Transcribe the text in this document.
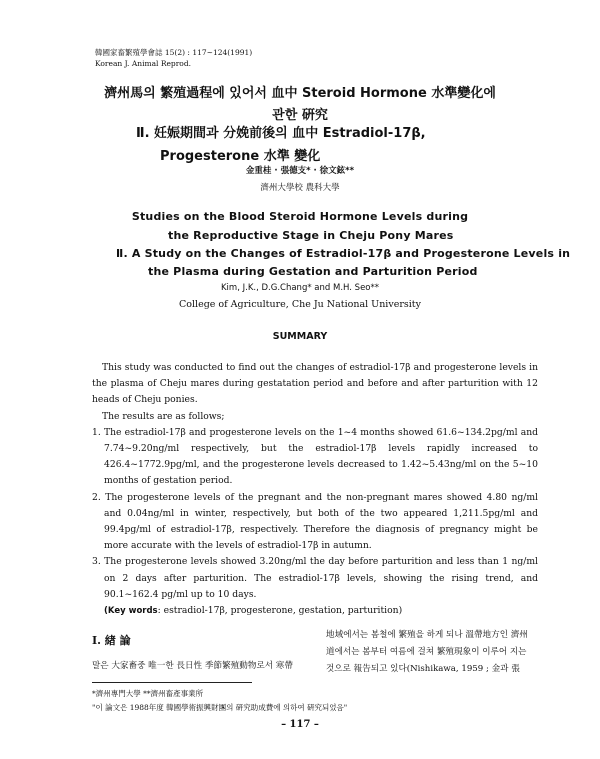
韓國家畜繁殖學會誌 15(2) : 117~124(1991)
Korean J. Animal Reprod.
濟州馬의 繁殖過程에 있어서 血中 Steroid Hormone 水準變化에
관한 硏究
Ⅱ. 妊娠期間과 分娩前後의 血中 Estradiol-17β,
Progesterone 水準 變化
金重桂 · 張德支* · 徐文鉉**
濟州大學校 農科大學
Studies on the Blood Steroid Hormone Levels during
the Reproductive Stage in Cheju Pony Mares
Ⅱ. A Study on the Changes of Estradiol-17β and Progesterone Levels in
the Plasma during Gestation and Parturition Period
Kim, J.K., D.G.Chang* and M.H. Seo**
College of Agriculture, Che Ju National University
SUMMARY

This study was conducted to find out the changes of estradiol-17β and progesterone levels in the plasma of Cheju mares during gestatation period and before and after parturition with 12 heads of Cheju ponies.

The results are as follows;

1. The estradiol-17β and progesterone levels on the 1~4 months showed 61.6~134.2pg/ml and 7.74~9.20ng/ml respectively, but the estradiol-17β levels rapidly increased to 426.4~1772.9pg/ml, and the progesterone levels decreased to 1.42~5.43ng/ml on the 5~10 months of gestation period.

2. The progesterone levels of the pregnant and the non-pregnant mares showed 4.80 ng/ml and 0.04ng/ml in winter, respectively, but both of the two appeared 1,211.5pg/ml and 99.4pg/ml of estradiol-17β, respectively. Therefore the diagnosis of pregnancy might be more accurate with the levels of estradiol-17β in autumn.

3. The progesterone levels showed 3.20ng/ml the day before parturition and less than 1 ng/ml on 2 days after parturition. The estradiol-17β levels, showing the rising trend, and 90.1~162.4 pg/ml up to 10 days.

(Key words: estradiol-17β, progesterone, gestation, parturition)

Ⅰ. 緖 論
말은 大家畜중 唯一한 長日性 季節繁殖動物로서 寒帶
地域에서는 봄철에 繁殖을 하게 되나 溫帶地方인 濟州
道에서는 봄부터 여름에 걸쳐 繁殖現象이 이루어 지는
것으로 報告되고 있다(Nishikawa, 1959 ; 金과 張
*濟州專門大學 **濟州畜產事業所
"이 論文은 1988年度 韓國學術振興財團의 硏究助成費에 의하여 硏究되었음"
– 117 –
